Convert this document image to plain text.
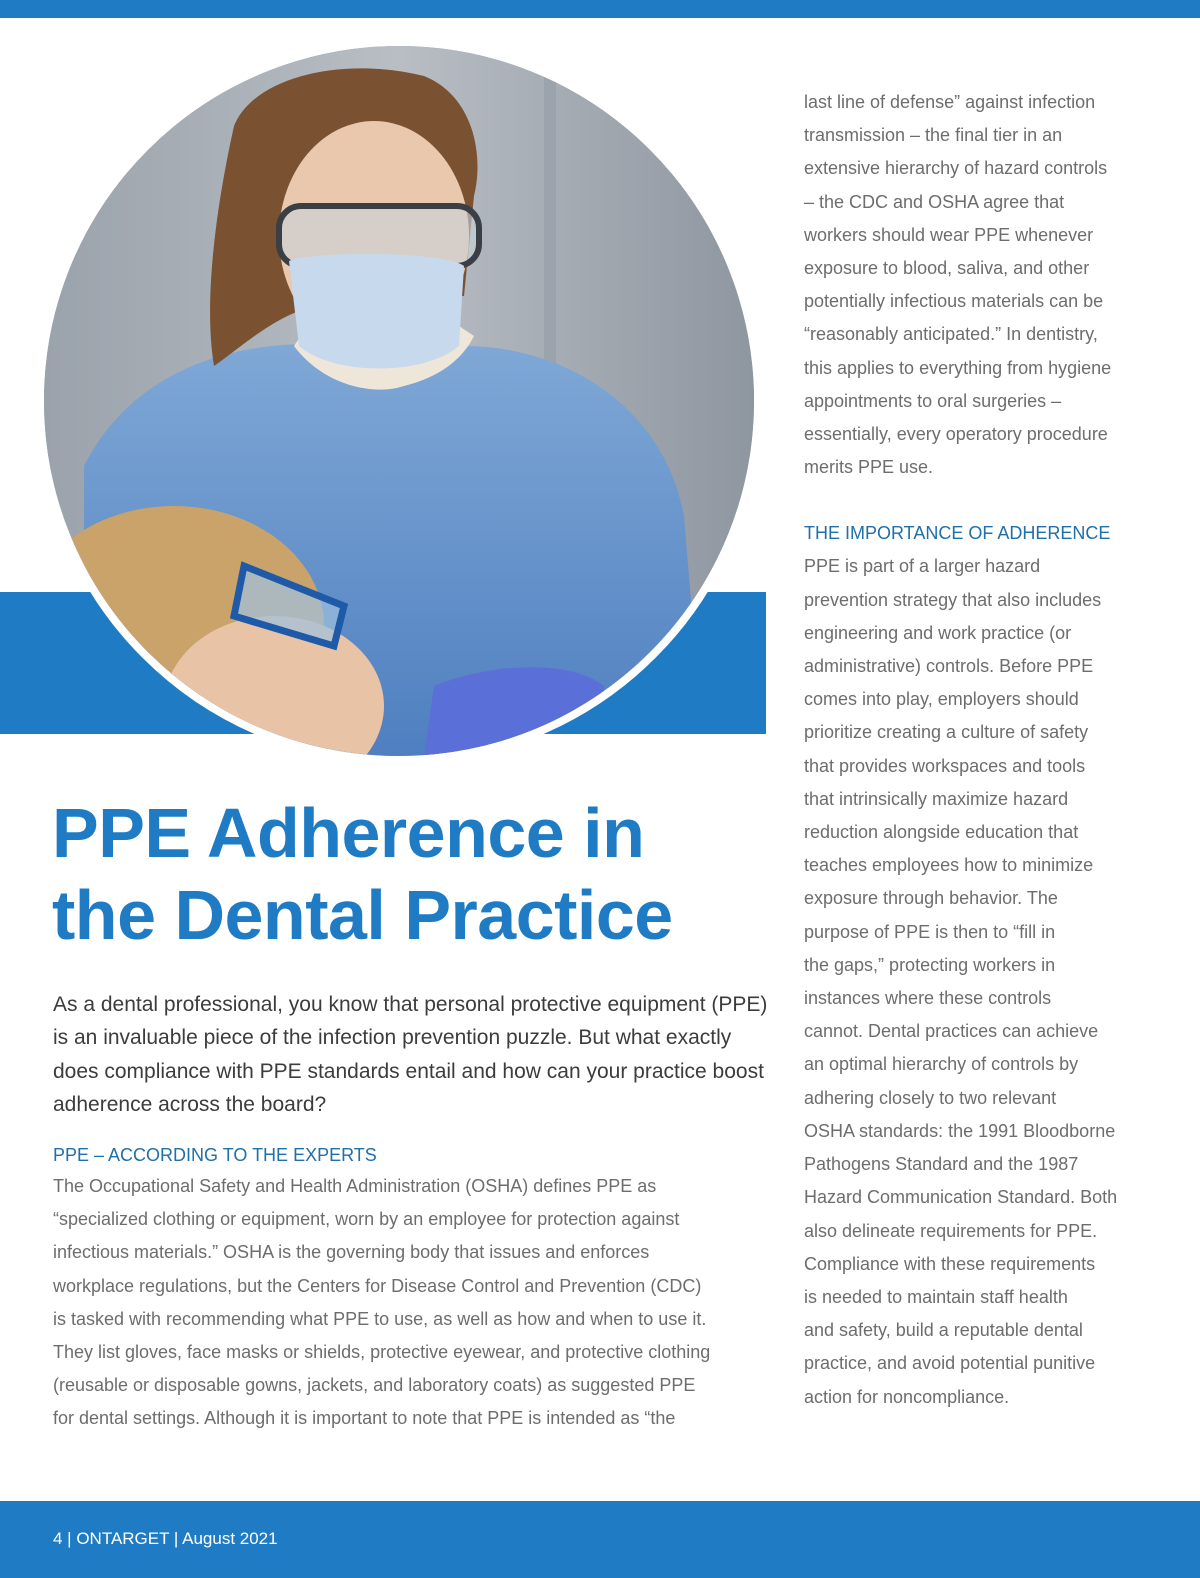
PPE Adherence in
the Dental Practice

As a dental professional, you know that personal protective equipment (PPE) is an invaluable piece of the infection prevention puzzle. But what exactly does compliance with PPE standards entail and how can your practice boost adherence across the board?

PPE – ACCORDING TO THE EXPERTS
The Occupational Safety and Health Administration (OSHA) defines PPE as
“specialized clothing or equipment, worn by an employee for protection against
infectious materials.” OSHA is the governing body that issues and enforces
workplace regulations, but the Centers for Disease Control and Prevention (CDC)
is tasked with recommending what PPE to use, as well as how and when to use it.
They list gloves, face masks or shields, protective eyewear, and protective clothing
(reusable or disposable gowns, jackets, and laboratory coats) as suggested PPE
for dental settings. Although it is important to note that PPE is intended as “the
last line of defense” against infection
transmission – the final tier in an
extensive hierarchy of hazard controls
– the CDC and OSHA agree that
workers should wear PPE whenever
exposure to blood, saliva, and other
potentially infectious materials can be
“reasonably anticipated.” In dentistry,
this applies to everything from hygiene
appointments to oral surgeries –
essentially, every operatory procedure
merits PPE use.
THE IMPORTANCE OF ADHERENCE
PPE is part of a larger hazard
prevention strategy that also includes
engineering and work practice (or
administrative) controls. Before PPE
comes into play, employers should
prioritize creating a culture of safety
that provides workspaces and tools
that intrinsically maximize hazard
reduction alongside education that
teaches employees how to minimize
exposure through behavior. The
purpose of PPE is then to “fill in
the gaps,” protecting workers in
instances where these controls
cannot. Dental practices can achieve
an optimal hierarchy of controls by
adhering closely to two relevant
OSHA standards: the 1991 Bloodborne
Pathogens Standard and the 1987
Hazard Communication Standard. Both
also delineate requirements for PPE.
Compliance with these requirements
is needed to maintain staff health
and safety, build a reputable dental
practice, and avoid potential punitive
action for noncompliance.
4 | ONTARGET | August 2021
